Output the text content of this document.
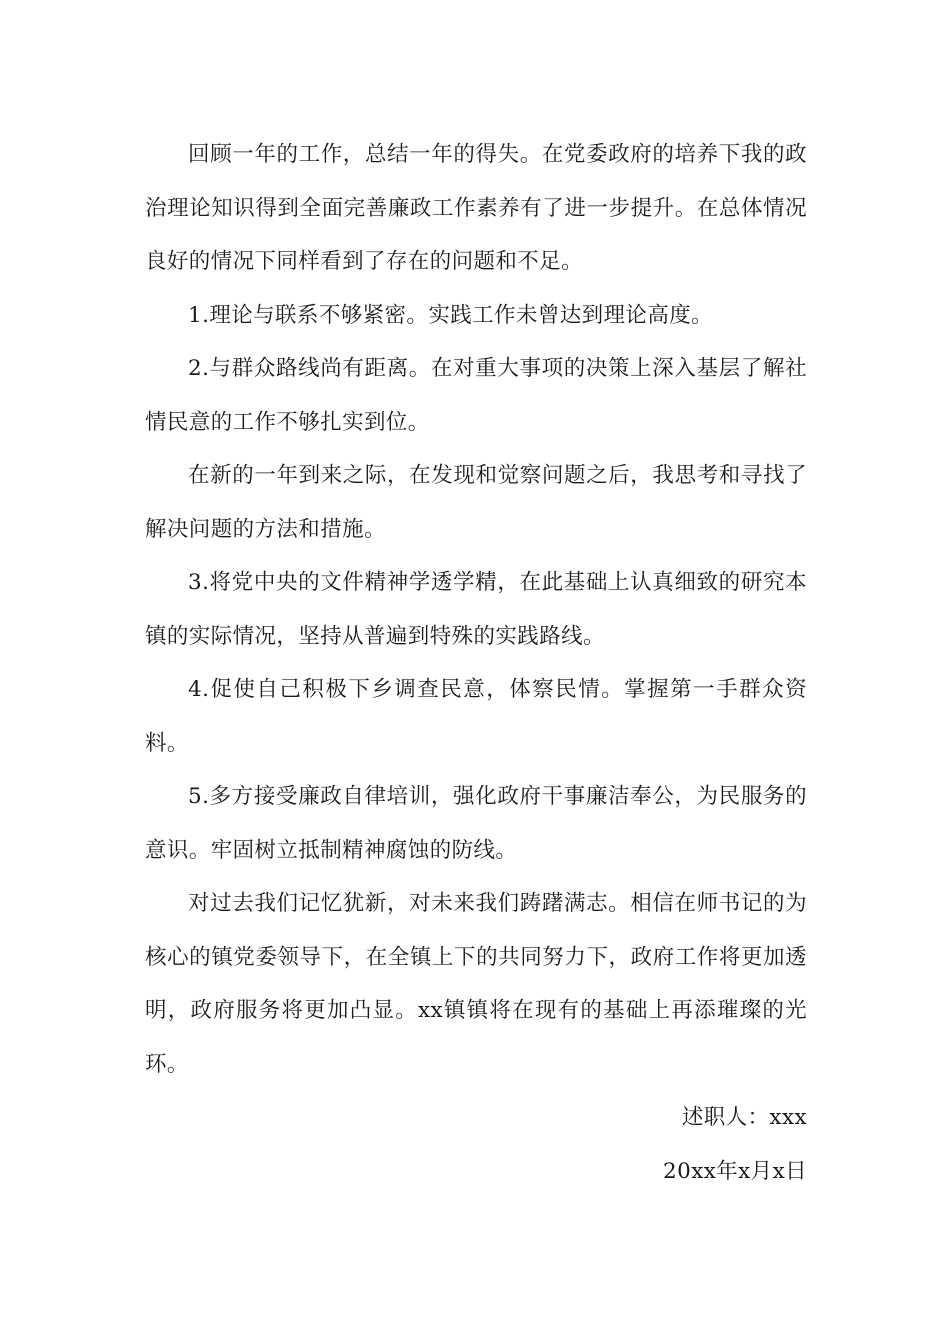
回顾一年的工作，总结一年的得失。在党委政府的培养下我的政治理论知识得到全面完善廉政工作素养有了进一步提升。在总体情况良好的情况下同样看到了存在的问题和不足。

1.理论与联系不够紧密。实践工作未曾达到理论高度。

2.与群众路线尚有距离。在对重大事项的决策上深入基层了解社情民意的工作不够扎实到位。

在新的一年到来之际，在发现和觉察问题之后，我思考和寻找了解决问题的方法和措施。

3.将党中央的文件精神学透学精，在此基础上认真细致的研究本镇的实际情况，坚持从普遍到特殊的实践路线。

4.促使自己积极下乡调查民意，体察民情。掌握第一手群众资料。

5.多方接受廉政自律培训，强化政府干事廉洁奉公，为民服务的意识。牢固树立抵制精神腐蚀的防线。

对过去我们记忆犹新，对未来我们踌躇满志。相信在师书记的为核心的镇党委领导下，在全镇上下的共同努力下，政府工作将更加透明，政府服务将更加凸显。xx镇镇将在现有的基础上再添璀璨的光环。

述职人：xxx

20xx年x月x日
